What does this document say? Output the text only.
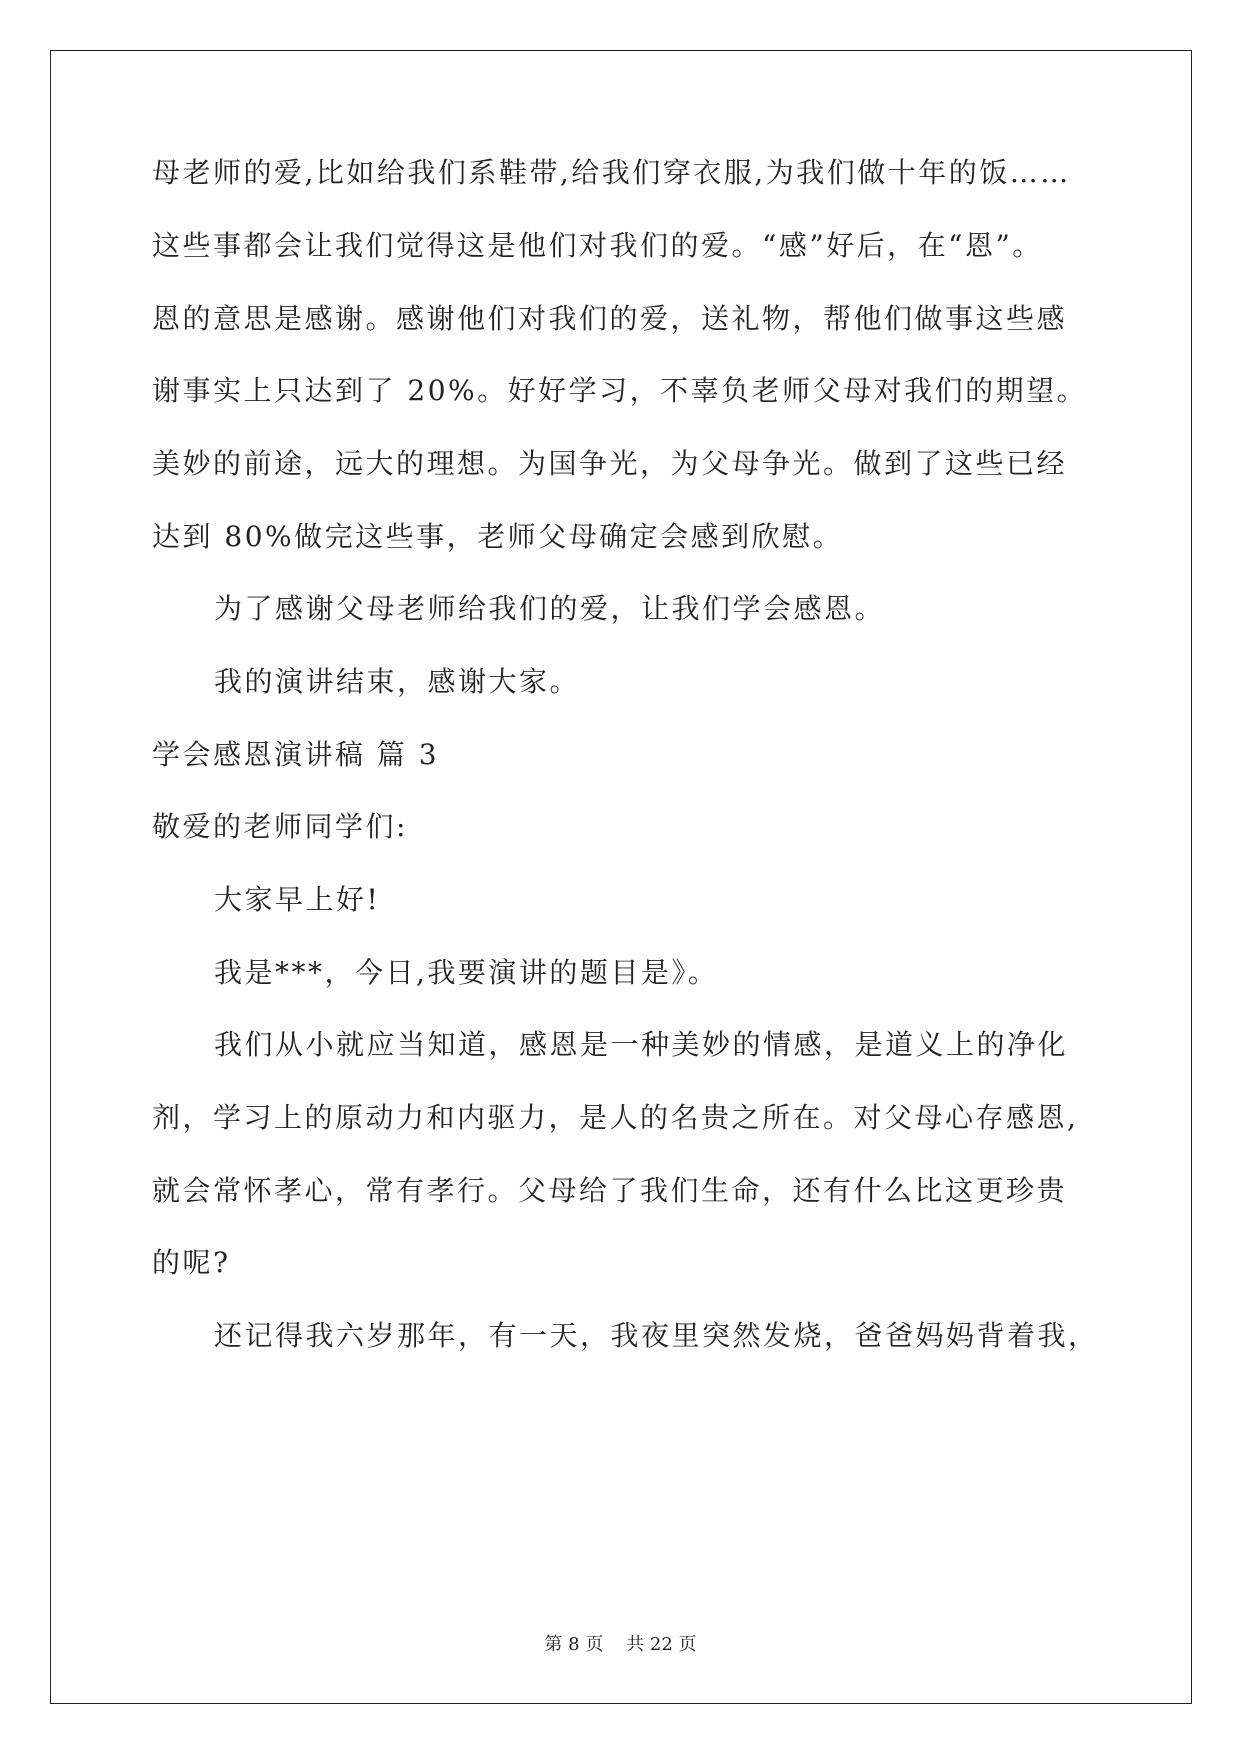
母老师的爱,比如给我们系鞋带,给我们穿衣服,为我们做十年的饭……
这些事都会让我们觉得这是他们对我们的爱。“感”好后，在“恩”。
恩的意思是感谢。感谢他们对我们的爱，送礼物，帮他们做事这些感
谢事实上只达到了 20%。好好学习，不辜负老师父母对我们的期望。
美妙的前途，远大的理想。为国争光，为父母争光。做到了这些已经
达到 80%做完这些事，老师父母确定会感到欣慰。
为了感谢父母老师给我们的爱，让我们学会感恩。
我的演讲结束，感谢大家。
学会感恩演讲稿 篇 3
敬爱的老师同学们:
大家早上好!
我是***，今日,我要演讲的题目是》。
我们从小就应当知道，感恩是一种美妙的情感，是道义上的净化
剂，学习上的原动力和内驱力，是人的名贵之所在。对父母心存感恩,
就会常怀孝心，常有孝行。父母给了我们生命，还有什么比这更珍贵
的呢?
还记得我六岁那年，有一天，我夜里突然发烧，爸爸妈妈背着我，
第 8 页    共 22 页
